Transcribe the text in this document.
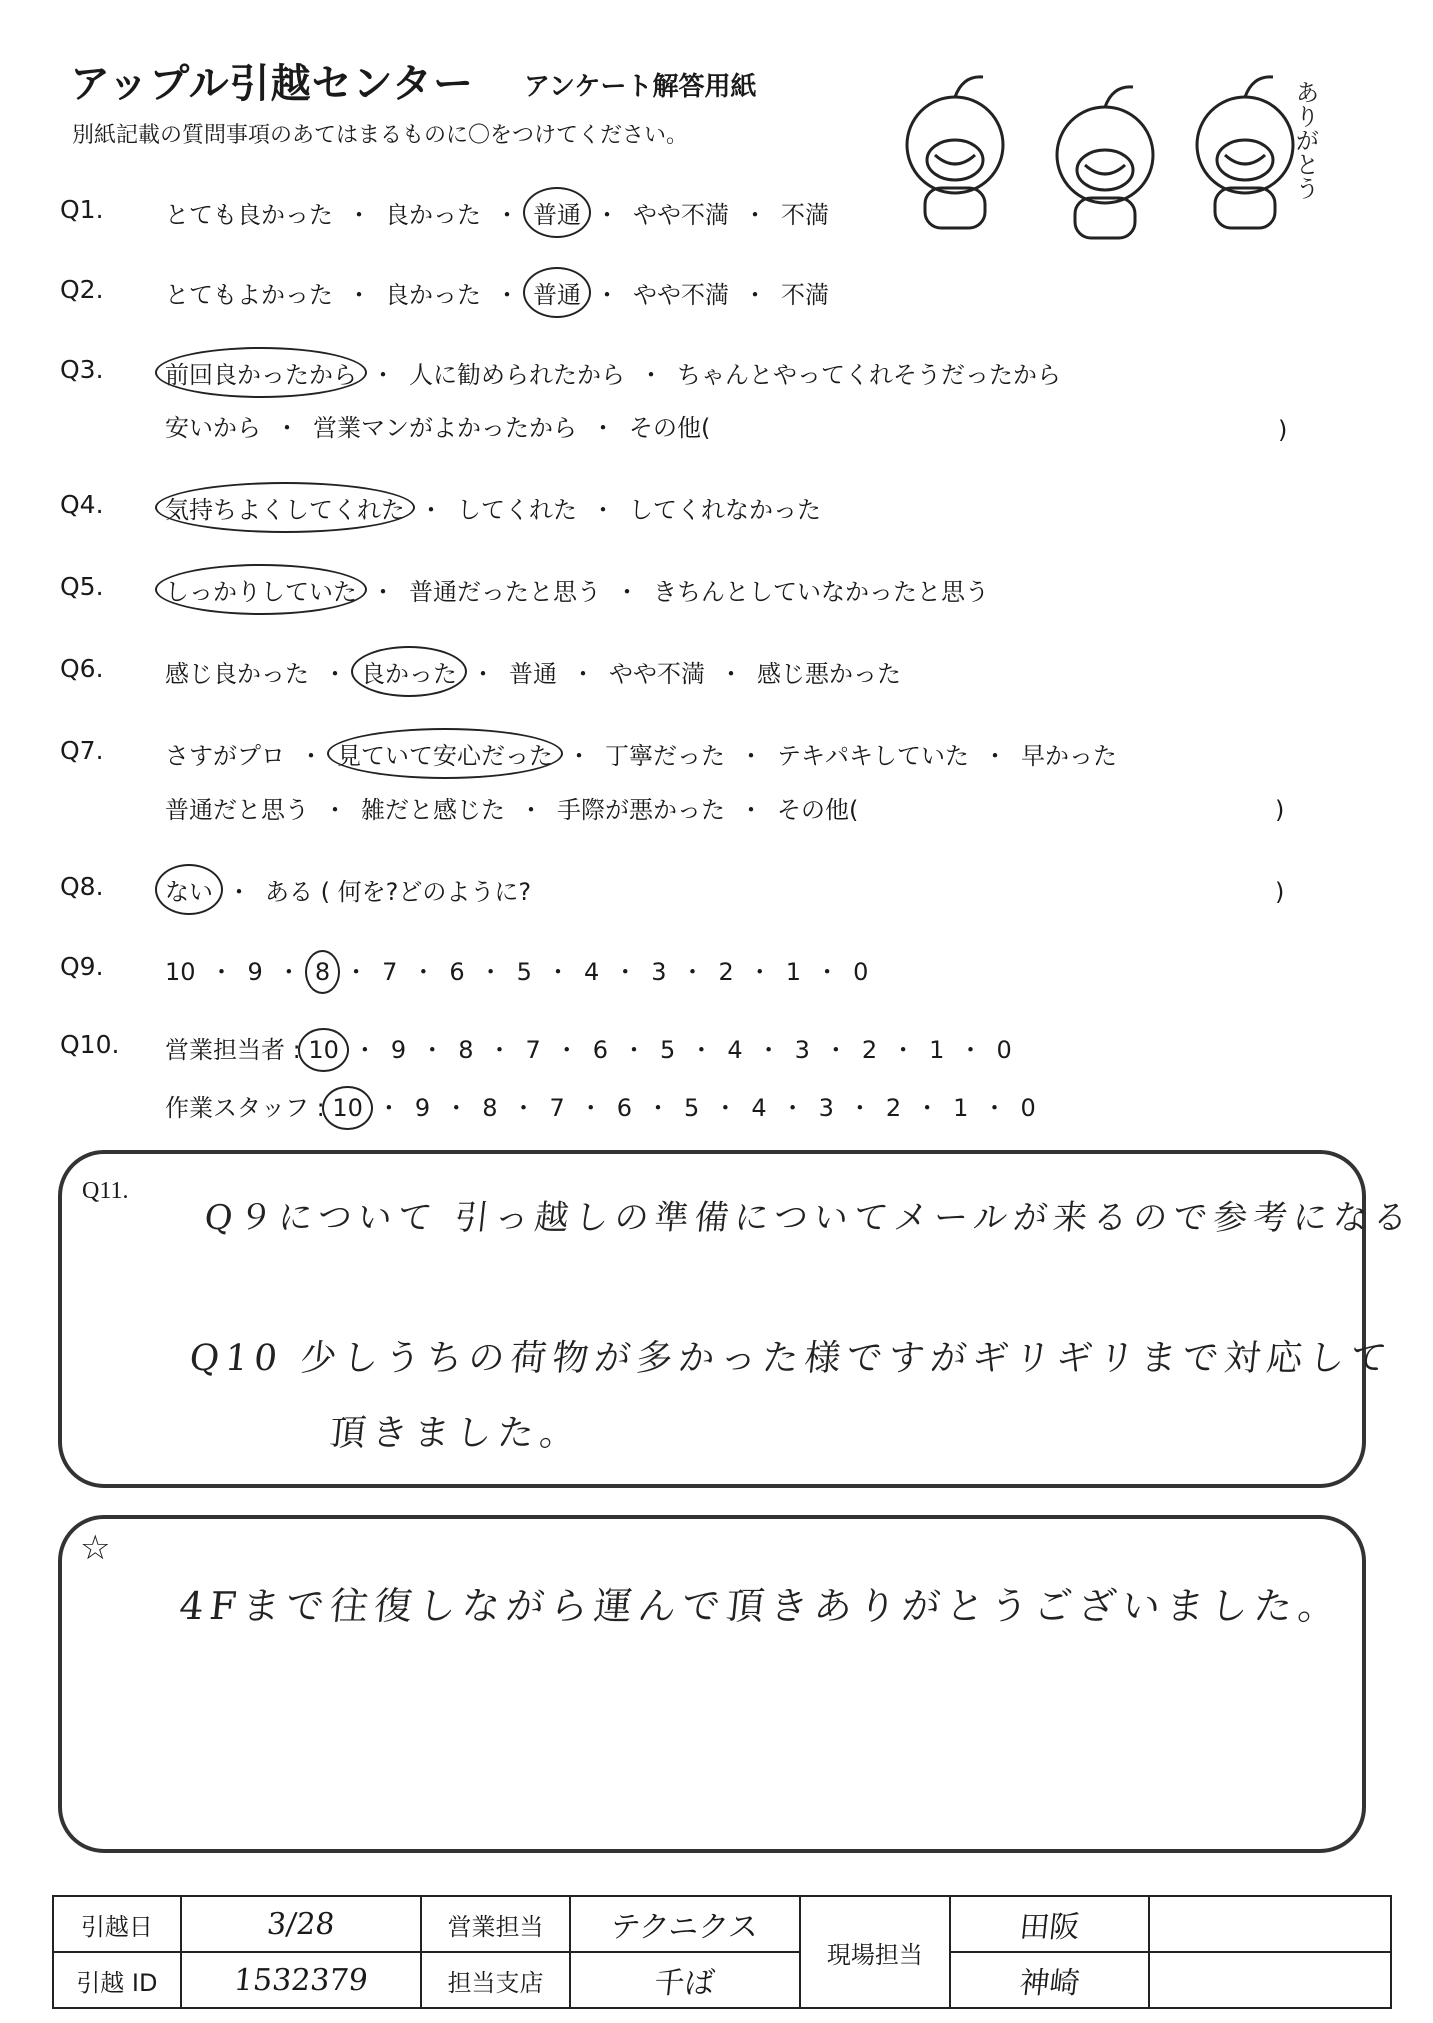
アップル引越センター アンケート解答用紙
別紙記載の質問事項のあてはまるものに〇をつけてください。	ありがとう
Q1.	とても良かった ・ 良かった ・ 普通 ・ やや不満 ・ 不満
Q2.	とてもよかった ・ 良かった ・ 普通 ・ やや不満 ・ 不満
Q3.	前回良かったから ・ 人に勧められたから ・ ちゃんとやってくれそうだったから
安いから ・ 営業マンがよかったから ・ その他(	)
Q4.	気持ちよくしてくれた ・ してくれた ・ してくれなかった
Q5.	しっかりしていた ・ 普通だったと思う ・ きちんとしていなかったと思う
Q6.	感じ良かった ・ 良かった ・ 普通 ・ やや不満 ・ 感じ悪かった
Q7.	さすがプロ ・ 見ていて安心だった ・ 丁寧だった ・ テキパキしていた ・ 早かった
普通だと思う ・ 雑だと感じた ・ 手際が悪かった ・ その他(	)
Q8.	ない ・ ある ( 何を?どのように?	)
Q9.	10 ・ 9 ・ 8 ・ 7 ・ 6 ・ 5 ・ 4 ・ 3 ・ 2 ・ 1 ・ 0
Q10. 営業担当者 : 10 ・ 9 ・ 8 ・ 7 ・ 6 ・ 5 ・ 4 ・ 3 ・ 2 ・ 1 ・ 0
作業スタッフ : 10 ・ 9 ・ 8 ・ 7 ・ 6 ・ 5 ・ 4 ・ 3 ・ 2 ・ 1 ・ 0
Q11.
Q９について 引っ越しの準備についてメールが来るので参考になる
Q10 少しうちの荷物が多かった様ですがギリギリまで対応して
頂きました。
☆
4Fまで往復しながら運んで頂きありがとうございました。
引越日	3/28	営業担当	テクニクス	現場担当	田阪	
引越 ID	1532379	担当支店	千ば		神崎	
